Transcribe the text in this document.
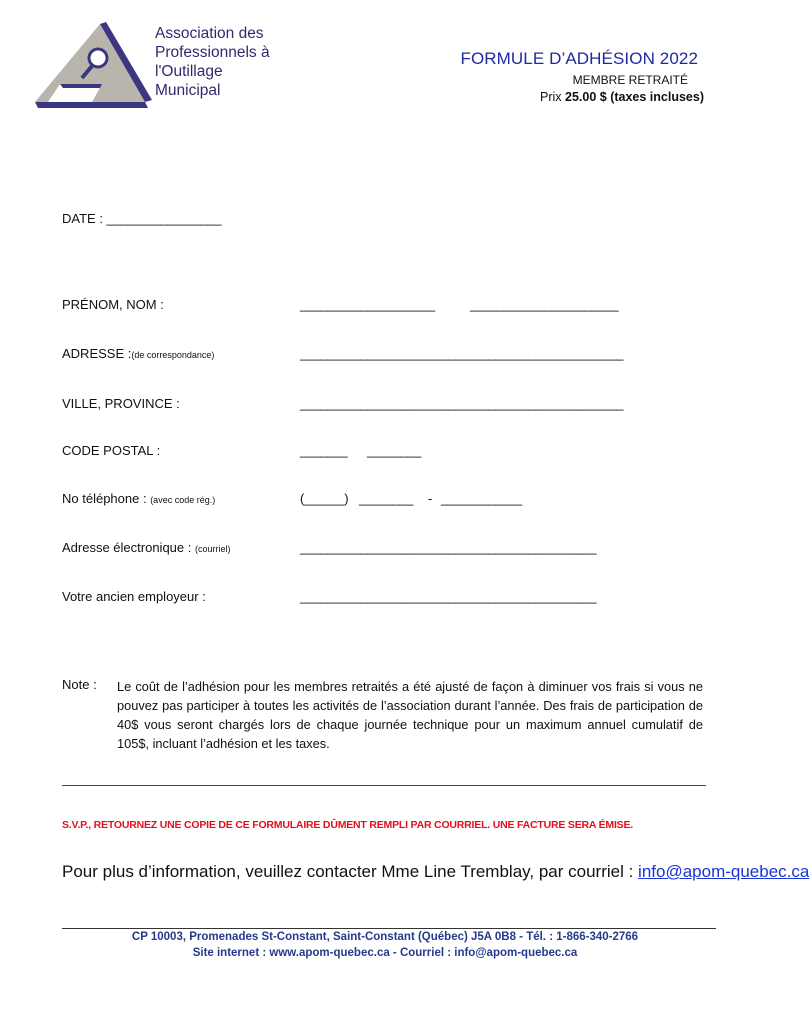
Association des
Professionnels à
l'Outillage
Municipal
FORMULE D’ADHÉSION 2022
MEMBRE RETRAITÉ
Prix 25.00 $ (taxes incluses)
DATE : _________________
PRÉNOM, NOM :	____________________	______________________
ADRESSE :(de correspondance)	________________________________________________
VILLE, PROVINCE :	________________________________________________
CODE POSTAL :	_______ ________
No téléphone : (avec code rég.)	(______) ________ - ____________
Adresse électronique : (courriel)	____________________________________________
Votre ancien employeur :	____________________________________________
Note : Le coût de l’adhésion pour les membres retraités a été ajusté de façon à diminuer vos frais si vous ne pouvez pas participer à toutes les activités de l’association durant l’année. Des frais de participation de 40$ vous seront chargés lors de chaque journée technique pour un maximum annuel cumulatif de 105$, incluant l’adhésion et les taxes.
S.V.P., RETOURNEZ UNE COPIE DE CE FORMULAIRE DÛMENT REMPLI PAR COURRIEL. UNE FACTURE SERA ÉMISE.
Pour plus d’information, veuillez contacter Mme Line Tremblay, par courriel : info@apom-quebec.ca
CP 10003, Promenades St-Constant, Saint-Constant (Québec) J5A 0B8 - Tél. : 1-866-340-2766
Site internet : www.apom-quebec.ca - Courriel : info@apom-quebec.ca
